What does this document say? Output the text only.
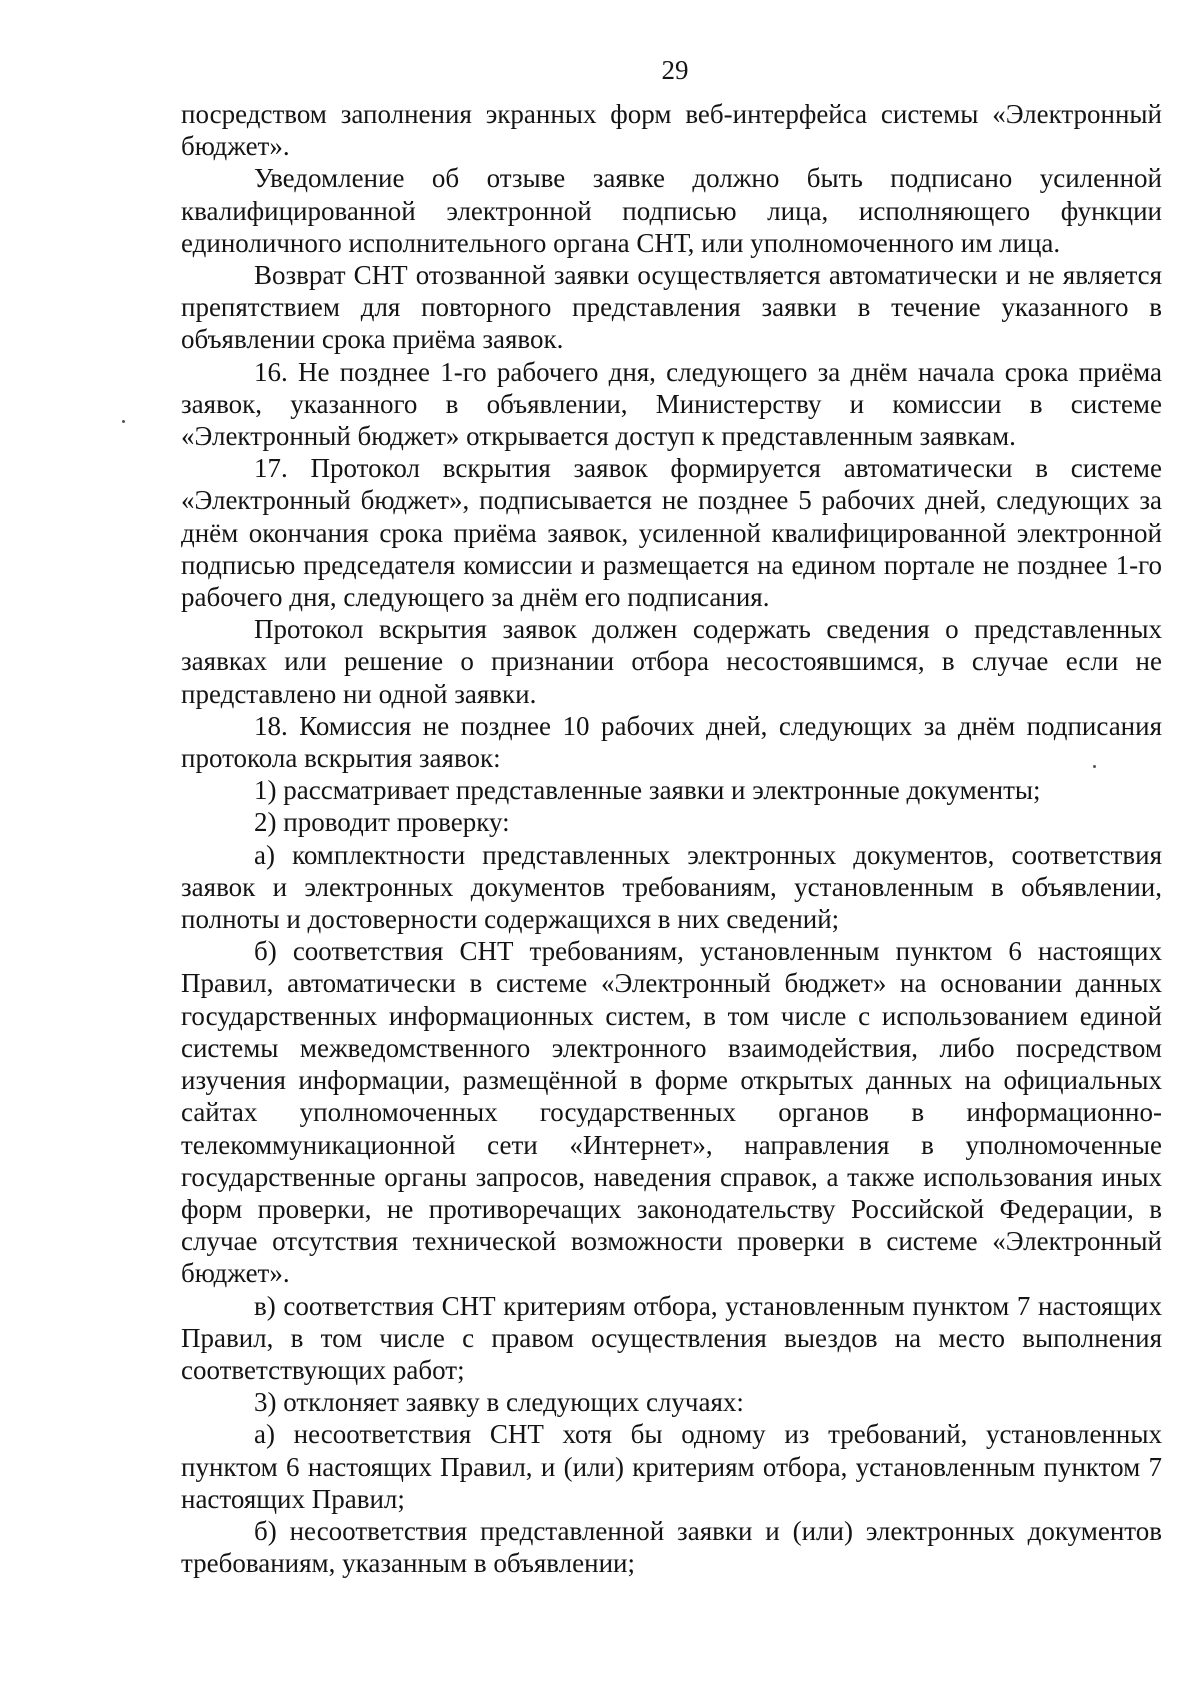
29

посредством заполнения экранных форм веб-интерфейса системы «Электронный бюджет».

Уведомление об отзыве заявке должно быть подписано усиленной квалифицированной электронной подписью лица, исполняющего функции единоличного исполнительного органа СНТ, или уполномоченного им лица.

Возврат СНТ отозванной заявки осуществляется автоматически и не является препятствием для повторного представления заявки в течение указанного в объявлении срока приёма заявок.

16. Не позднее 1-го рабочего дня, следующего за днём начала срока приёма заявок, указанного в объявлении, Министерству и комиссии в системе «Электронный бюджет» открывается доступ к представленным заявкам.

17. Протокол вскрытия заявок формируется автоматически в системе «Электронный бюджет», подписывается не позднее 5 рабочих дней, следующих за днём окончания срока приёма заявок, усиленной квалифицированной электронной подписью председателя комиссии и размещается на едином портале не позднее 1-го рабочего дня, следующего за днём его подписания.

Протокол вскрытия заявок должен содержать сведения о представленных заявках или решение о признании отбора несостоявшимся, в случае если не представлено ни одной заявки.

18. Комиссия не позднее 10 рабочих дней, следующих за днём подписания протокола вскрытия заявок:

1) рассматривает представленные заявки и электронные документы;

2) проводит проверку:

а) комплектности представленных электронных документов, соответствия заявок и электронных документов требованиям, установленным в объявлении, полноты и достоверности содержащихся в них сведений;

б) соответствия СНТ требованиям, установленным пунктом 6 настоящих Правил, автоматически в системе «Электронный бюджет» на основании данных государственных информационных систем, в том числе с использованием единой системы межведомственного электронного взаимодействия, либо посредством изучения информации, размещённой в форме открытых данных на официальных сайтах уполномоченных государственных органов в информационно-телекоммуникационной сети «Интернет», направления в уполномоченные государственные органы запросов, наведения справок, а также использования иных форм проверки, не противоречащих законодательству Российской Федерации, в случае отсутствия технической возможности проверки в системе «Электронный бюджет».

в) соответствия СНТ критериям отбора, установленным пунктом 7 настоящих Правил, в том числе с правом осуществления выездов на место выполнения соответствующих работ;

3) отклоняет заявку в следующих случаях:

а) несоответствия СНТ хотя бы одному из требований, установленных пунктом 6 настоящих Правил, и (или) критериям отбора, установленным пунктом 7 настоящих Правил;

б) несоответствия представленной заявки и (или) электронных документов требованиям, указанным в объявлении;
